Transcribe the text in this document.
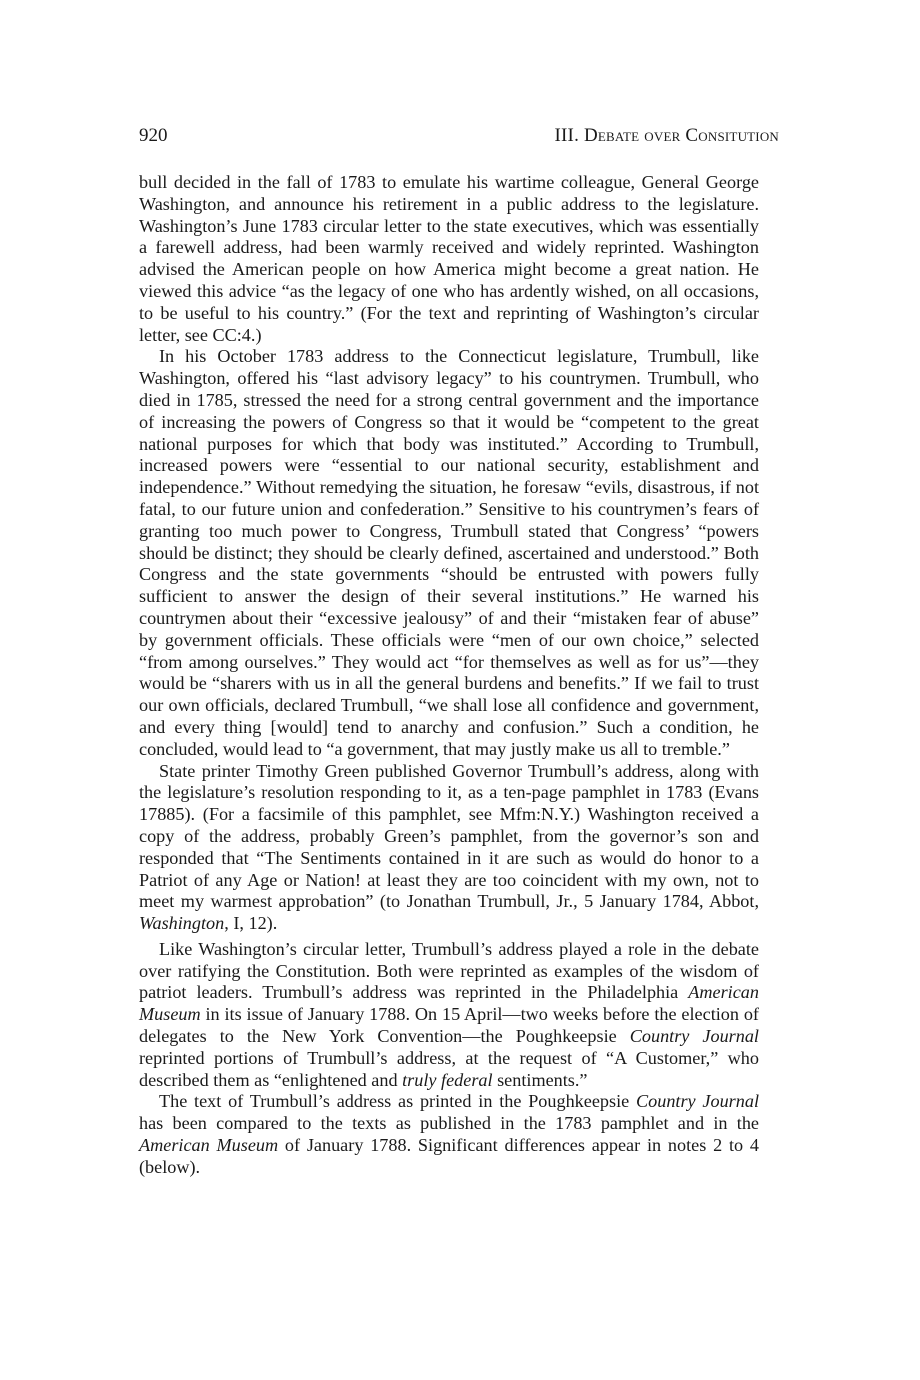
920	III. Debate over Consitution

bull decided in the fall of 1783 to emulate his wartime colleague, General George Washington, and announce his retirement in a public address to the legislature. Washington’s June 1783 circular letter to the state executives, which was essentially a farewell address, had been warmly received and widely reprinted. Washington advised the American people on how America might become a great nation. He viewed this advice “as the legacy of one who has ardently wished, on all occasions, to be useful to his country.” (For the text and reprinting of Washington’s circular letter, see CC:4.)

In his October 1783 address to the Connecticut legislature, Trumbull, like Washington, offered his “last advisory legacy” to his countrymen. Trumbull, who died in 1785, stressed the need for a strong central government and the importance of increasing the powers of Congress so that it would be “competent to the great national purposes for which that body was instituted.” According to Trumbull, increased powers were “essential to our national security, establishment and independence.” Without remedying the situation, he foresaw “evils, disastrous, if not fatal, to our future union and confederation.” Sensitive to his countrymen’s fears of granting too much power to Congress, Trumbull stated that Congress’ “powers should be distinct; they should be clearly defined, ascertained and understood.” Both Congress and the state governments “should be entrusted with powers fully sufficient to answer the design of their several institutions.” He warned his countrymen about their “excessive jealousy” of and their “mistaken fear of abuse” by government officials. These officials were “men of our own choice,” selected “from among ourselves.” They would act “for themselves as well as for us”—they would be “sharers with us in all the general burdens and benefits.” If we fail to trust our own officials, declared Trumbull, “we shall lose all confidence and government, and every thing [would] tend to anarchy and confusion.” Such a condition, he concluded, would lead to “a government, that may justly make us all to tremble.”

State printer Timothy Green published Governor Trumbull’s address, along with the legislature’s resolution responding to it, as a ten-page pamphlet in 1783 (Evans 17885). (For a facsimile of this pamphlet, see Mfm:N.Y.) Washington received a copy of the address, probably Green’s pamphlet, from the governor’s son and responded that “The Sentiments contained in it are such as would do honor to a Patriot of any Age or Nation! at least they are too coincident with my own, not to meet my warmest approbation” (to Jonathan Trumbull, Jr., 5 January 1784, Abbot, Washington, I, 12).

Like Washington’s circular letter, Trumbull’s address played a role in the debate over ratifying the Constitution. Both were reprinted as examples of the wisdom of patriot leaders. Trumbull’s address was reprinted in the Philadelphia American Museum in its issue of January 1788. On 15 April—two weeks before the election of delegates to the New York Convention—the Poughkeepsie Country Journal reprinted portions of Trumbull’s address, at the request of “A Customer,” who described them as “enlightened and truly federal sentiments.”

The text of Trumbull’s address as printed in the Poughkeepsie Country Journal has been compared to the texts as published in the 1783 pamphlet and in the American Museum of January 1788. Significant differences appear in notes 2 to 4 (below).
